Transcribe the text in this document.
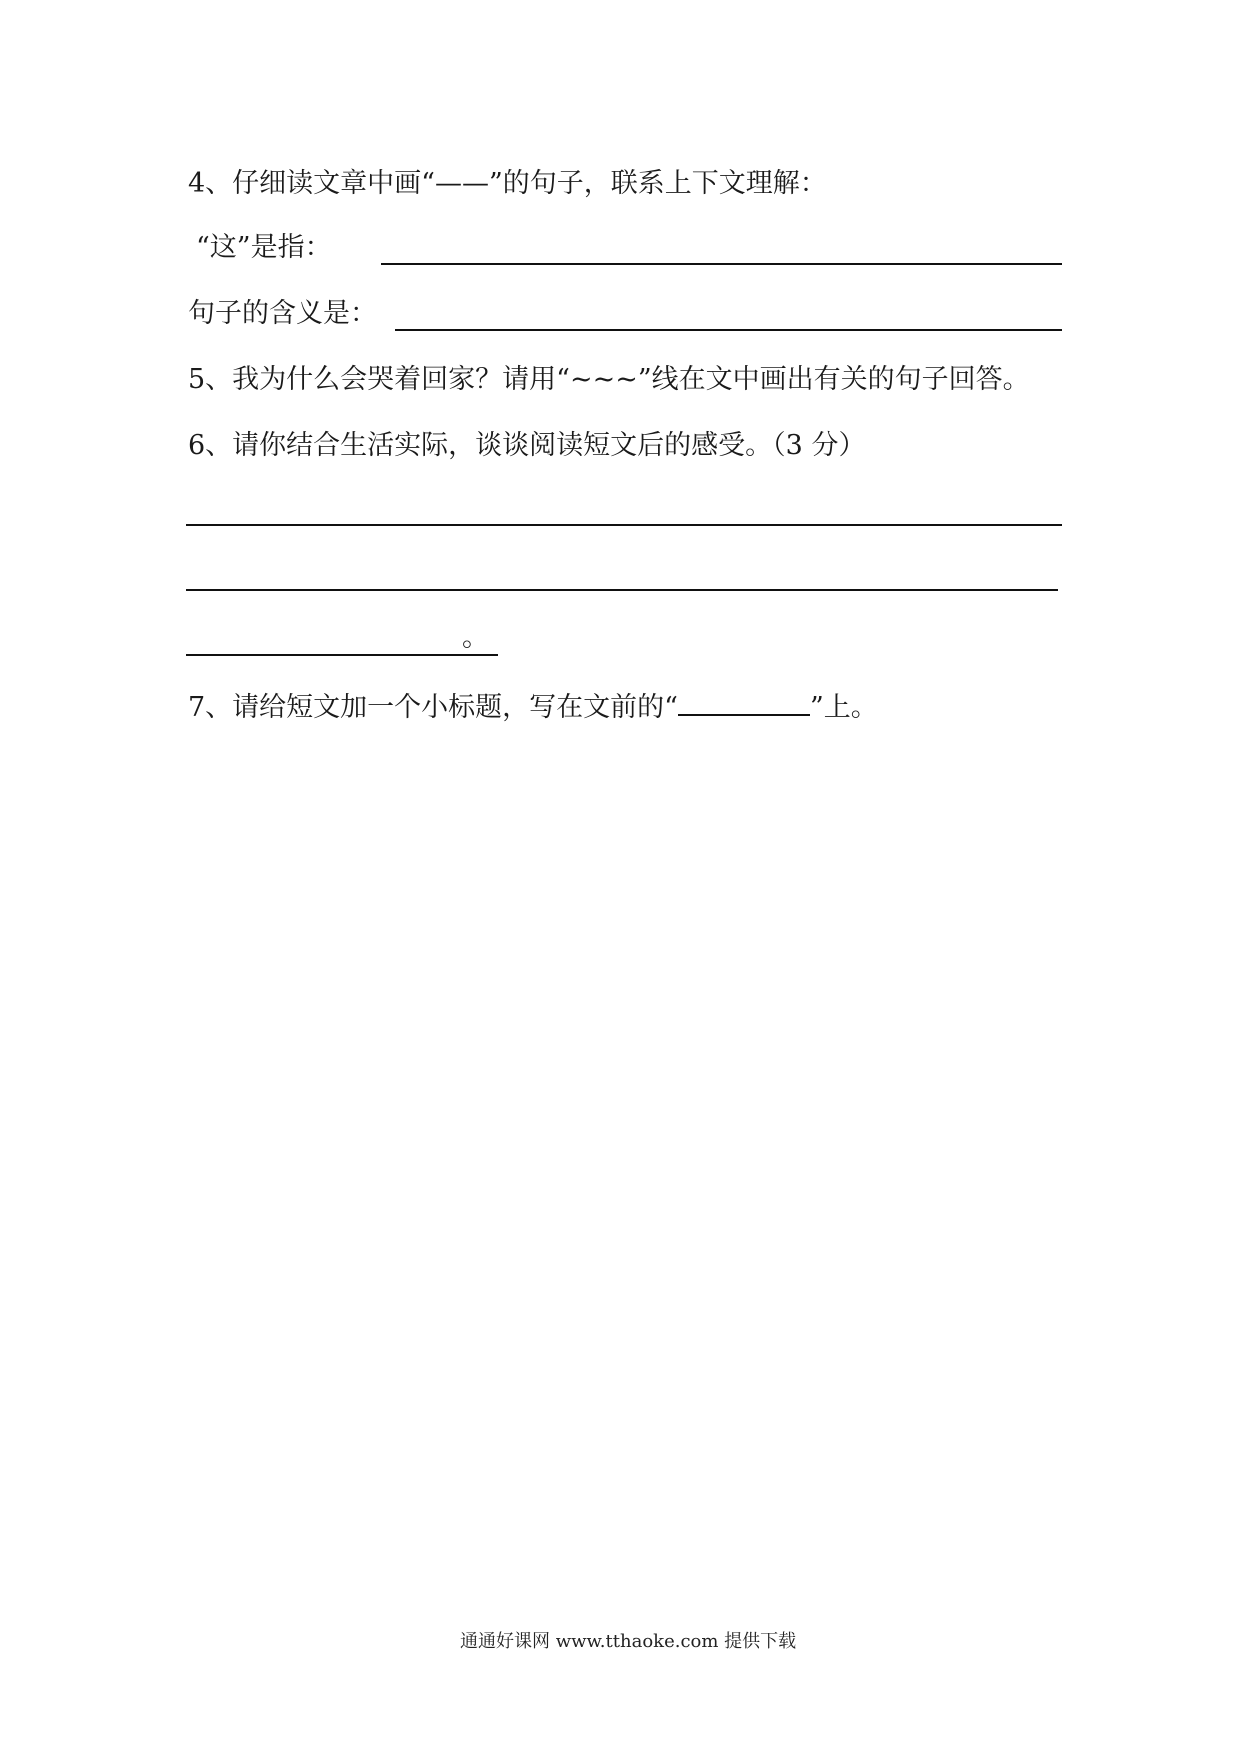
4、仔细读文章中画“——”的句子，联系上下文理解：
“这”是指：
句子的含义是：
5、我为什么会哭着回家？请用“~~~”线在文中画出有关的句子回答。
6、请你结合生活实际，谈谈阅读短文后的感受。（3 分）
。
7、请给短文加一个小标题，写在文前的“	”上。
通通好课网 www.tthaoke.com 提供下载
